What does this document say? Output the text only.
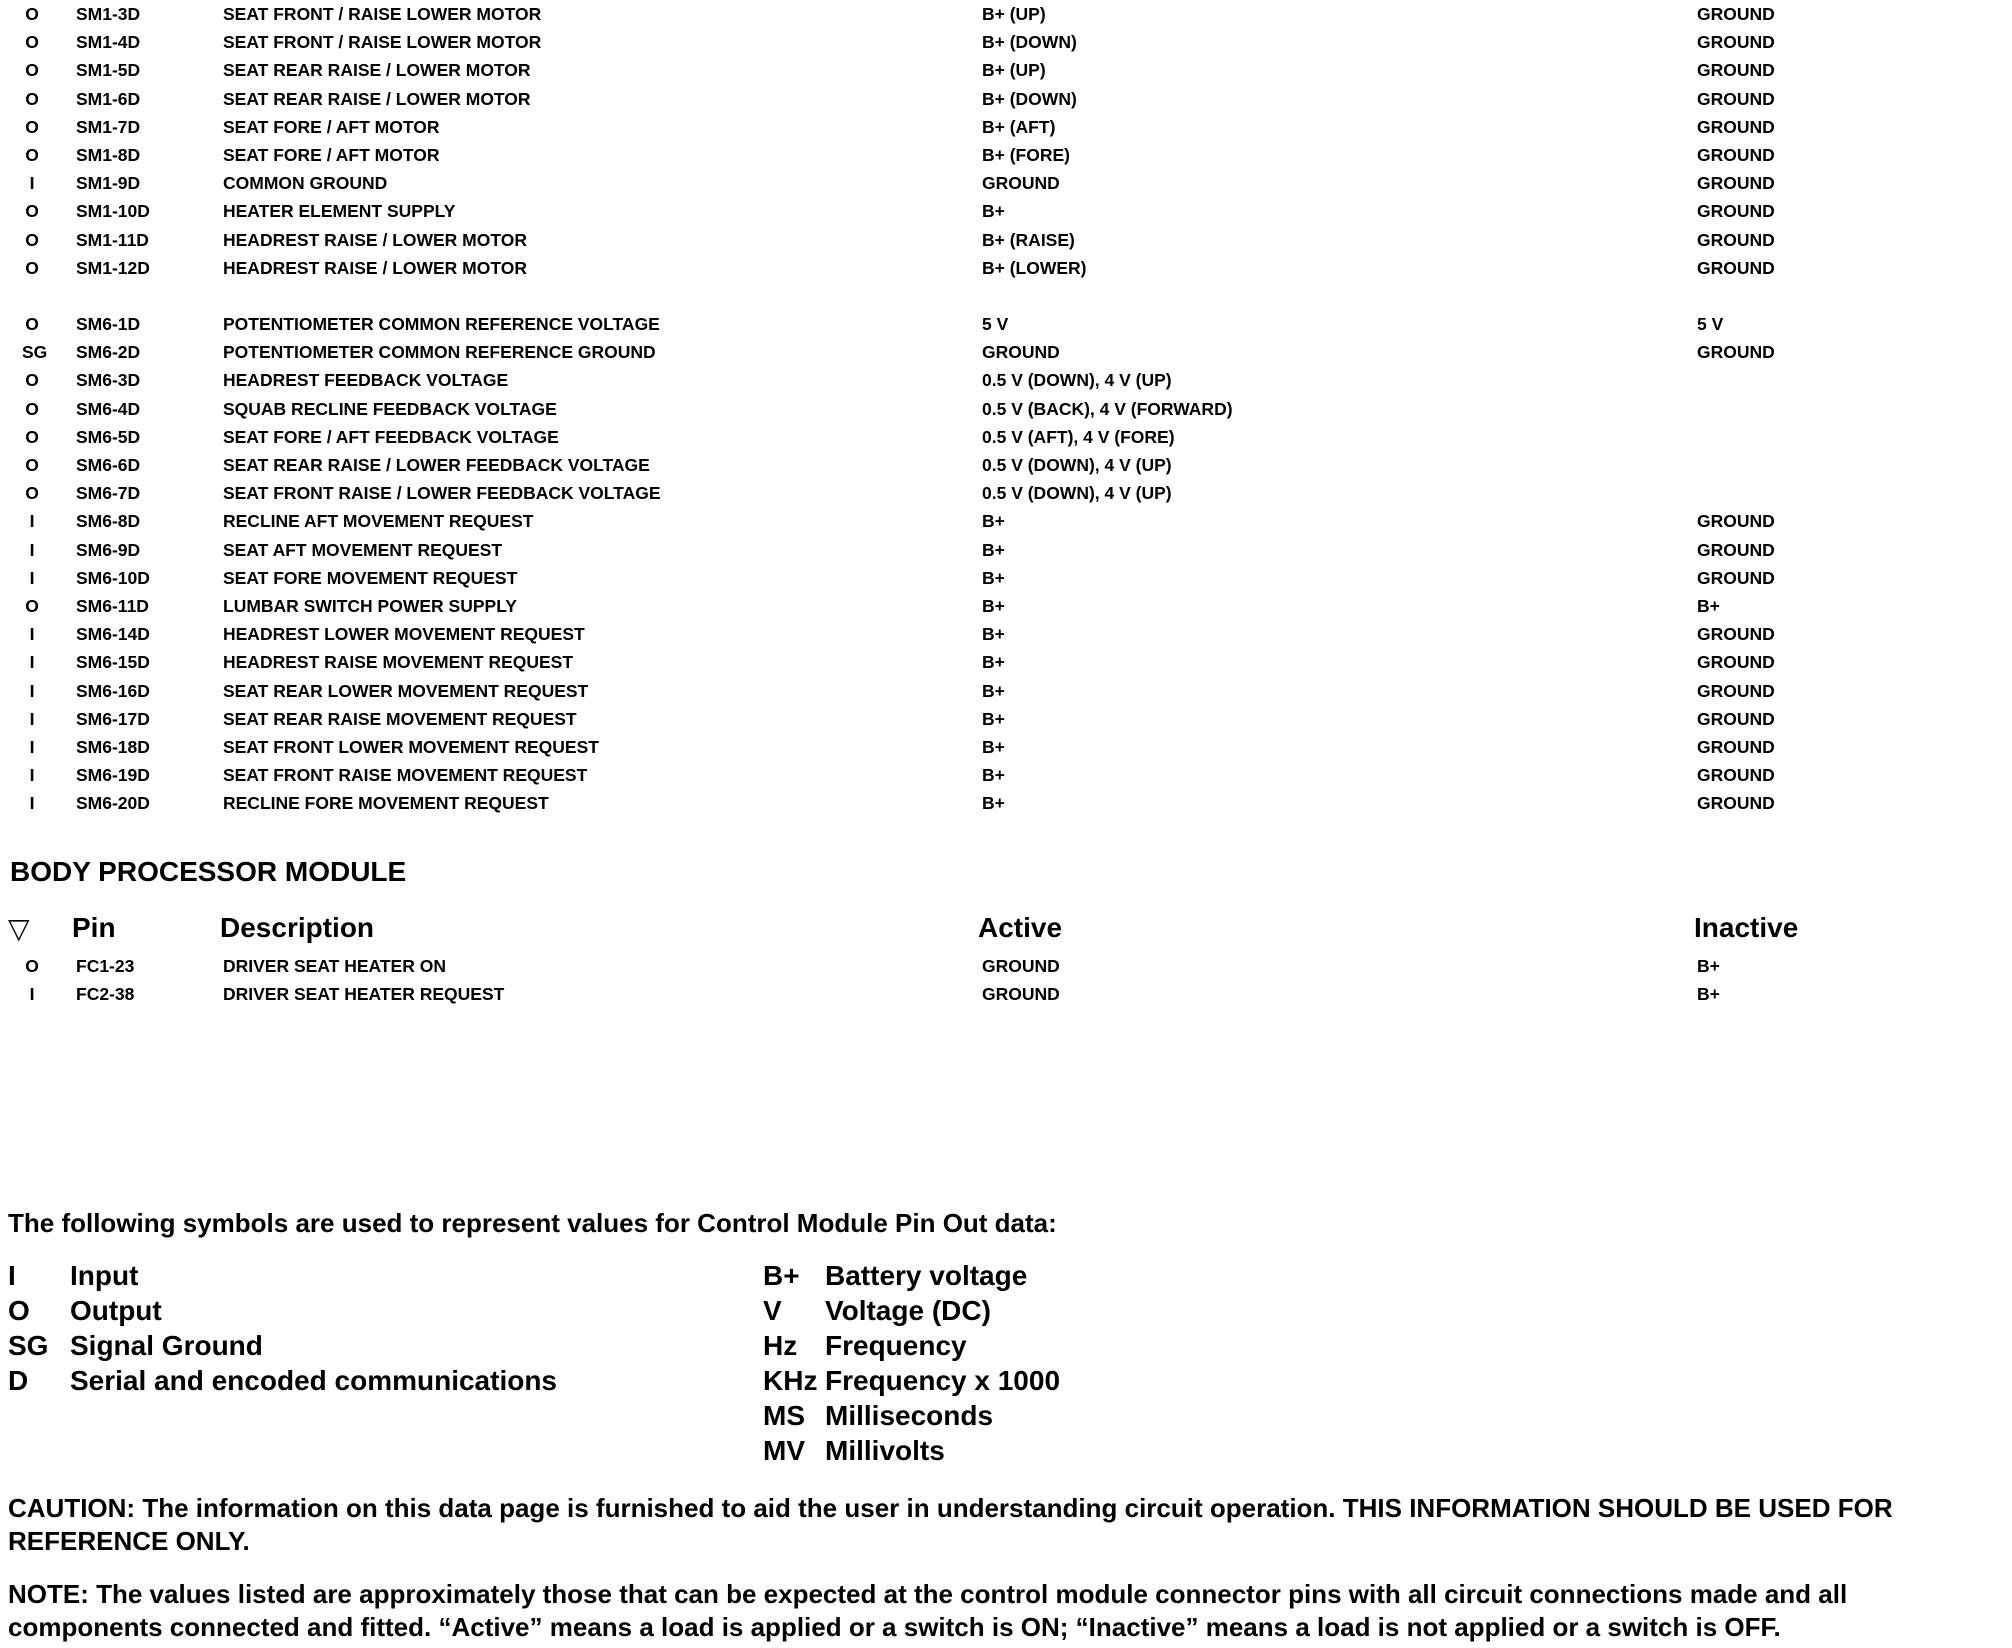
O SM1-3D	SEAT FRONT / RAISE LOWER MOTOR	B+ (UP)	GROUND
O SM1-4D	SEAT FRONT / RAISE LOWER MOTOR	B+ (DOWN)	GROUND
O SM1-5D	SEAT REAR RAISE / LOWER MOTOR	B+ (UP)	GROUND
O SM1-6D	SEAT REAR RAISE / LOWER MOTOR	B+ (DOWN)	GROUND
O SM1-7D	SEAT FORE / AFT MOTOR	B+ (AFT)	GROUND
O SM1-8D	SEAT FORE / AFT MOTOR	B+ (FORE)	GROUND
I	SM1-9D	COMMON GROUND	GROUND	GROUND
O SM1-10D	HEATER ELEMENT SUPPLY	B+	GROUND
O SM1-11D	HEADREST RAISE / LOWER MOTOR	B+ (RAISE)	GROUND
O SM1-12D	HEADREST RAISE / LOWER MOTOR	B+ (LOWER)	GROUND
O SM6-1D	POTENTIOMETER COMMON REFERENCE VOLTAGE	5 V	5 V
SG SM6-2D	POTENTIOMETER COMMON REFERENCE GROUND	GROUND	GROUND
O SM6-3D	HEADREST FEEDBACK VOLTAGE	0.5 V (DOWN), 4 V (UP)
O SM6-4D	SQUAB RECLINE FEEDBACK VOLTAGE	0.5 V (BACK), 4 V (FORWARD)
O SM6-5D	SEAT FORE / AFT FEEDBACK VOLTAGE	0.5 V (AFT), 4 V (FORE)
O SM6-6D	SEAT REAR RAISE / LOWER FEEDBACK VOLTAGE	0.5 V (DOWN), 4 V (UP)
O SM6-7D	SEAT FRONT RAISE / LOWER FEEDBACK VOLTAGE	0.5 V (DOWN), 4 V (UP)
I	SM6-8D	RECLINE AFT MOVEMENT REQUEST	B+	GROUND
I	SM6-9D	SEAT AFT MOVEMENT REQUEST	B+	GROUND
I	SM6-10D	SEAT FORE MOVEMENT REQUEST	B+	GROUND
O SM6-11D	LUMBAR SWITCH POWER SUPPLY	B+	B+
I	SM6-14D	HEADREST LOWER MOVEMENT REQUEST	B+	GROUND
I	SM6-15D	HEADREST RAISE MOVEMENT REQUEST	B+	GROUND
I	SM6-16D	SEAT REAR LOWER MOVEMENT REQUEST	B+	GROUND
I	SM6-17D	SEAT REAR RAISE MOVEMENT REQUEST	B+	GROUND
I	SM6-18D	SEAT FRONT LOWER MOVEMENT REQUEST	B+	GROUND
I	SM6-19D	SEAT FRONT RAISE MOVEMENT REQUEST	B+	GROUND
I	SM6-20D	RECLINE FORE MOVEMENT REQUEST	B+	GROUND
BODY PROCESSOR MODULE
▽ Pin	Description	Active	Inactive
O FC1-23	DRIVER SEAT HEATER ON	GROUND	B+
I	FC2-38	DRIVER SEAT HEATER REQUEST	GROUND	B+
The following symbols are used to represent values for Control Module Pin Out data:
I Input
O Output
SG Signal Ground
D Serial and encoded communications
B+ Battery voltage
V Voltage (DC)
Hz Frequency
KHz Frequency x 1000
MS Milliseconds
MV Millivolts
CAUTION: The information on this data page is furnished to aid the user in understanding circuit operation. THIS INFORMATION SHOULD BE USED FOR REFERENCE ONLY.
NOTE: The values listed are approximately those that can be expected at the control module connector pins with all circuit connections made and all components connected and fitted. “Active” means a load is applied or a switch is ON; “Inactive” means a load is not applied or a switch is OFF.
